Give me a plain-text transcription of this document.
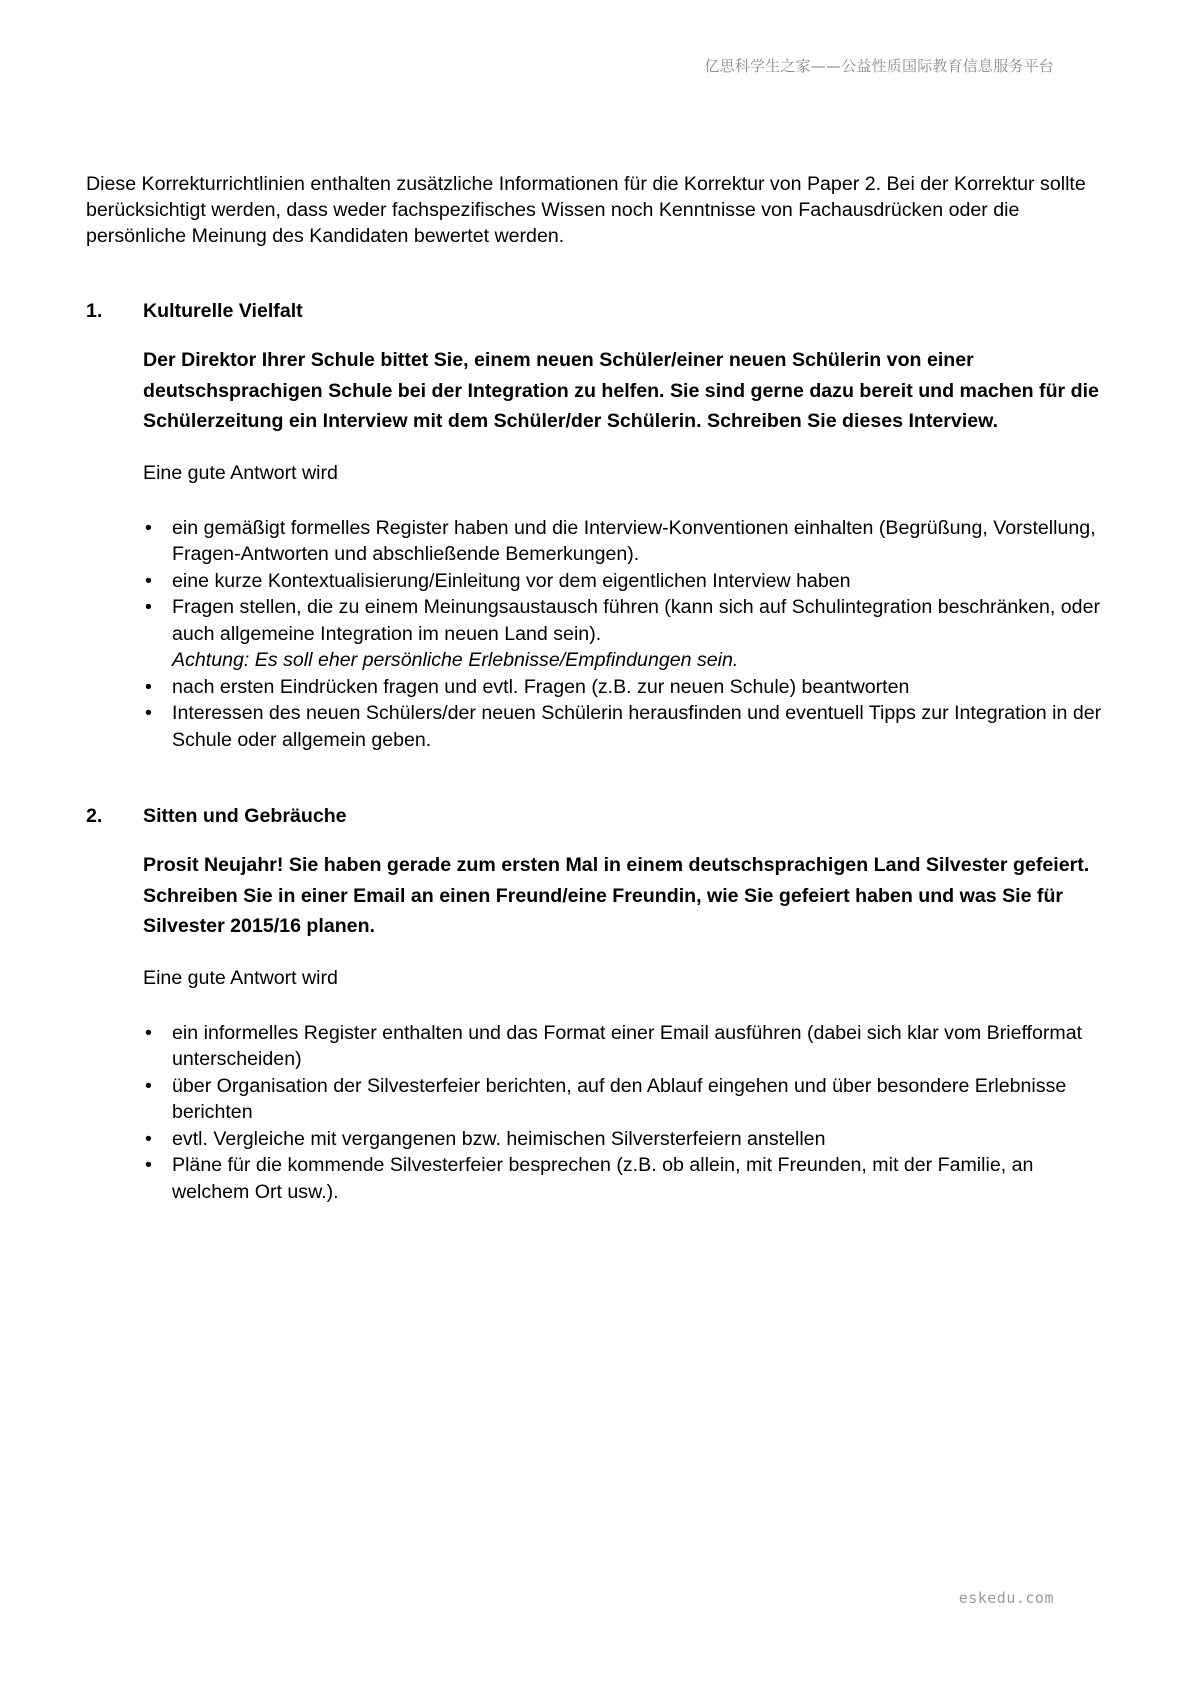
亿思科学生之家——公益性质国际教育信息服务平台

Diese Korrekturrichtlinien enthalten zusätzliche Informationen für die Korrektur von Paper 2. Bei der Korrektur sollte berücksichtigt werden, dass weder fachspezifisches Wissen noch Kenntnisse von Fachausdrücken oder die persönliche Meinung des Kandidaten bewertet werden.

1.	Kulturelle Vielfalt

Der Direktor Ihrer Schule bittet Sie, einem neuen Schüler/einer neuen Schülerin von einer deutschsprachigen Schule bei der Integration zu helfen. Sie sind gerne dazu bereit und machen für die Schülerzeitung ein Interview mit dem Schüler/der Schülerin. Schreiben Sie dieses Interview.

Eine gute Antwort wird

• ein gemäßigt formelles Register haben und die Interview-Konventionen einhalten (Begrüßung, Vorstellung, Fragen-Antworten und abschließende Bemerkungen).
• eine kurze Kontextualisierung/Einleitung vor dem eigentlichen Interview haben
• Fragen stellen, die zu einem Meinungsaustausch führen (kann sich auf Schulintegration beschränken, oder auch allgemeine Integration im neuen Land sein).
Achtung: Es soll eher persönliche Erlebnisse/Empfindungen sein.
• nach ersten Eindrücken fragen und evtl. Fragen (z.B. zur neuen Schule) beantworten
• Interessen des neuen Schülers/der neuen Schülerin herausfinden und eventuell Tipps zur Integration in der Schule oder allgemein geben.
2.	Sitten und Gebräuche

Prosit Neujahr! Sie haben gerade zum ersten Mal in einem deutschsprachigen Land Silvester gefeiert. Schreiben Sie in einer Email an einen Freund/eine Freundin, wie Sie gefeiert haben und was Sie für Silvester 2015/16 planen.

Eine gute Antwort wird

• ein informelles Register enthalten und das Format einer Email ausführen (dabei sich klar vom Briefformat unterscheiden)
• über Organisation der Silvesterfeier berichten, auf den Ablauf eingehen und über besondere Erlebnisse berichten
• evtl. Vergleiche mit vergangenen bzw. heimischen Silversterfeiern anstellen
• Pläne für die kommende Silvesterfeier besprechen (z.B. ob allein, mit Freunden, mit der Familie, an welchem Ort usw.).
eskedu.com
